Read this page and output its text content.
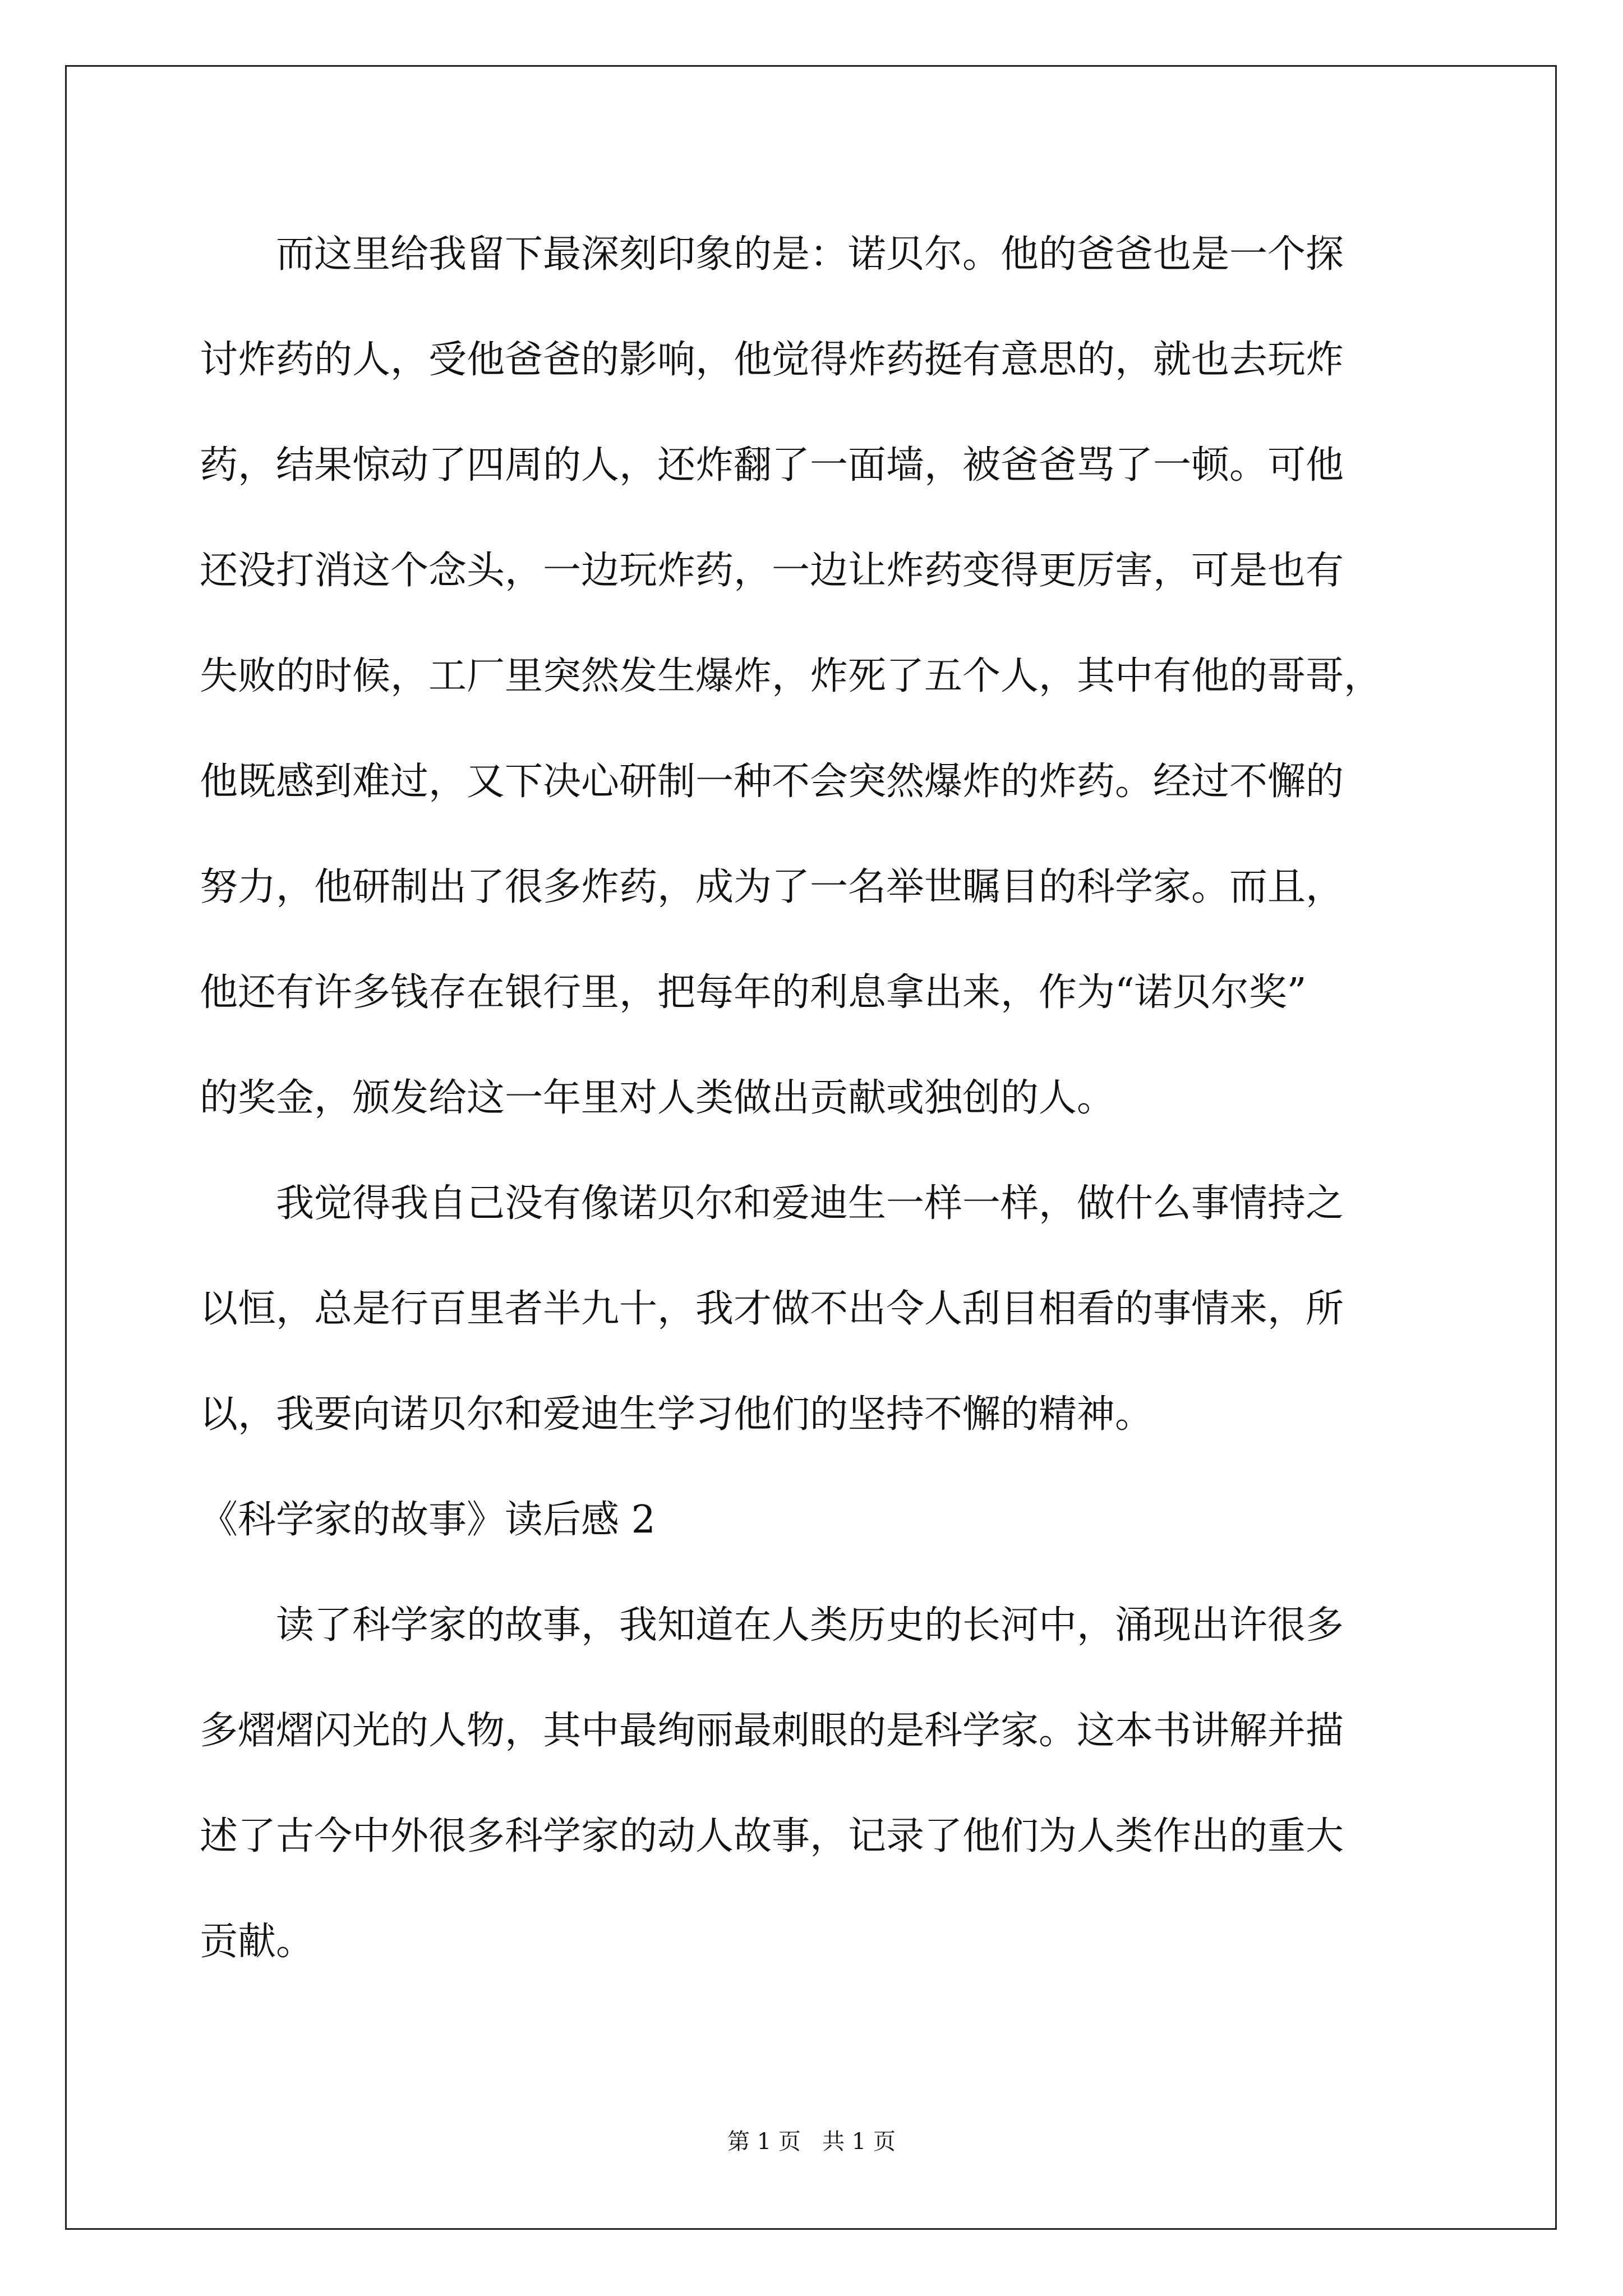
而这里给我留下最深刻印象的是：诺贝尔。他的爸爸也是一个探
讨炸药的人，受他爸爸的影响，他觉得炸药挺有意思的，就也去玩炸
药，结果惊动了四周的人，还炸翻了一面墙，被爸爸骂了一顿。可他
还没打消这个念头，一边玩炸药，一边让炸药变得更厉害，可是也有
失败的时候，工厂里突然发生爆炸，炸死了五个人，其中有他的哥哥，
他既感到难过，又下决心研制一种不会突然爆炸的炸药。经过不懈的
努力，他研制出了很多炸药，成为了一名举世瞩目的科学家。而且，
他还有许多钱存在银行里，把每年的利息拿出来，作为“诺贝尔奖”
的奖金，颁发给这一年里对人类做出贡献或独创的人。
我觉得我自己没有像诺贝尔和爱迪生一样一样，做什么事情持之
以恒，总是行百里者半九十，我才做不出令人刮目相看的事情来，所
以，我要向诺贝尔和爱迪生学习他们的坚持不懈的精神。
《科学家的故事》读后感 2
读了科学家的故事，我知道在人类历史的长河中，涌现出许很多
多熠熠闪光的人物，其中最绚丽最刺眼的是科学家。这本书讲解并描
述了古今中外很多科学家的动人故事，记录了他们为人类作出的重大
贡献。
第 1 页   共 1 页
